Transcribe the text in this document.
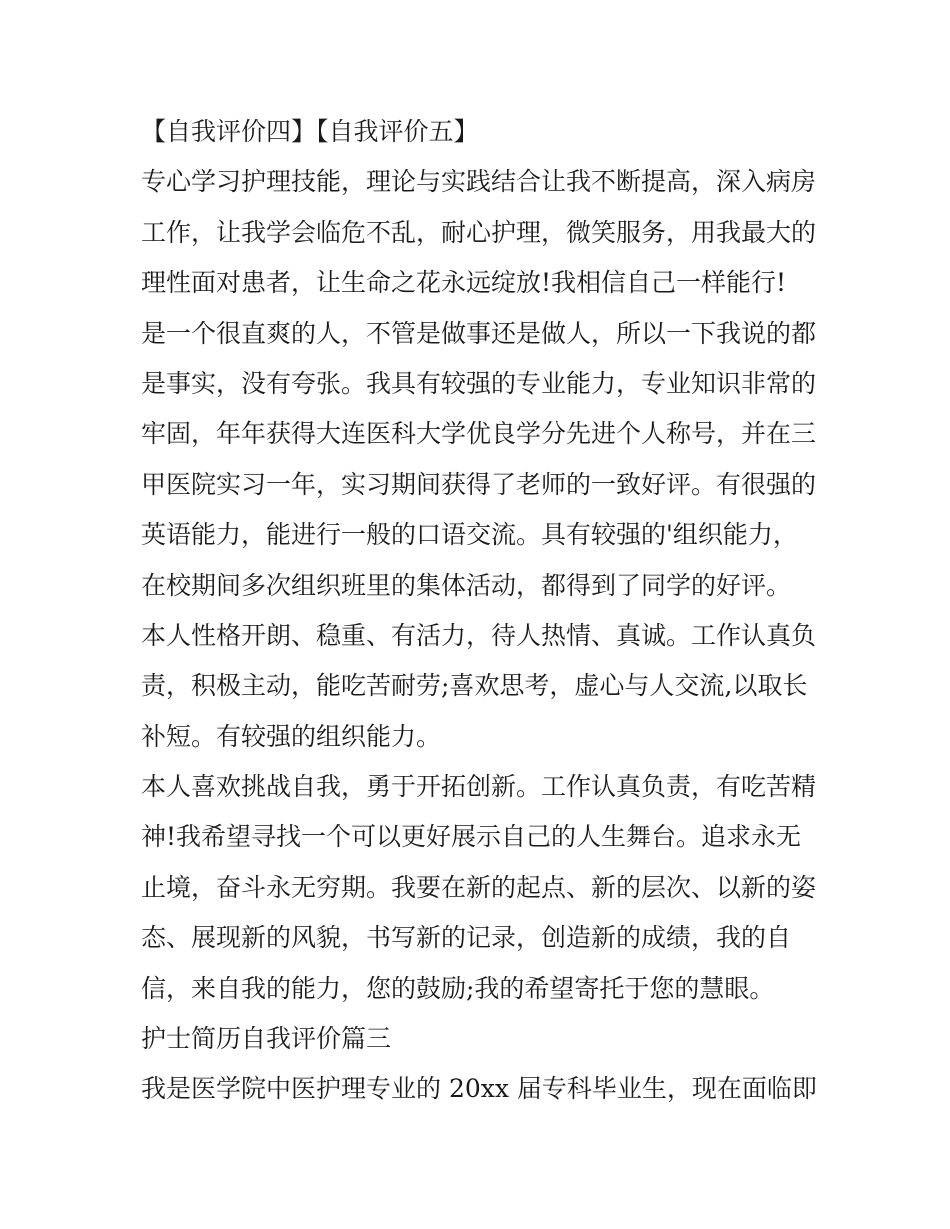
【自我评价四】【自我评价五】
专心学习护理技能，理论与实践结合让我不断提高，深入病房
工作，让我学会临危不乱，耐心护理，微笑服务，用我最大的
理性面对患者，让生命之花永远绽放!我相信自己一样能行!
是一个很直爽的人，不管是做事还是做人，所以一下我说的都
是事实，没有夸张。我具有较强的专业能力，专业知识非常的
牢固，年年获得大连医科大学优良学分先进个人称号，并在三
甲医院实习一年，实习期间获得了老师的一致好评。有很强的
英语能力，能进行一般的口语交流。具有较强的'组织能力，
在校期间多次组织班里的集体活动，都得到了同学的好评。
本人性格开朗、稳重、有活力，待人热情、真诚。工作认真负
责，积极主动，能吃苦耐劳;喜欢思考，虚心与人交流,以取长
补短。有较强的组织能力。
本人喜欢挑战自我，勇于开拓创新。工作认真负责，有吃苦精
神!我希望寻找一个可以更好展示自己的人生舞台。追求永无
止境，奋斗永无穷期。我要在新的起点、新的层次、以新的姿
态、展现新的风貌，书写新的记录，创造新的成绩，我的自
信，来自我的能力，您的鼓励;我的希望寄托于您的慧眼。
护士简历自我评价篇三
我是医学院中医护理专业的 20xx 届专科毕业生，现在面临即
